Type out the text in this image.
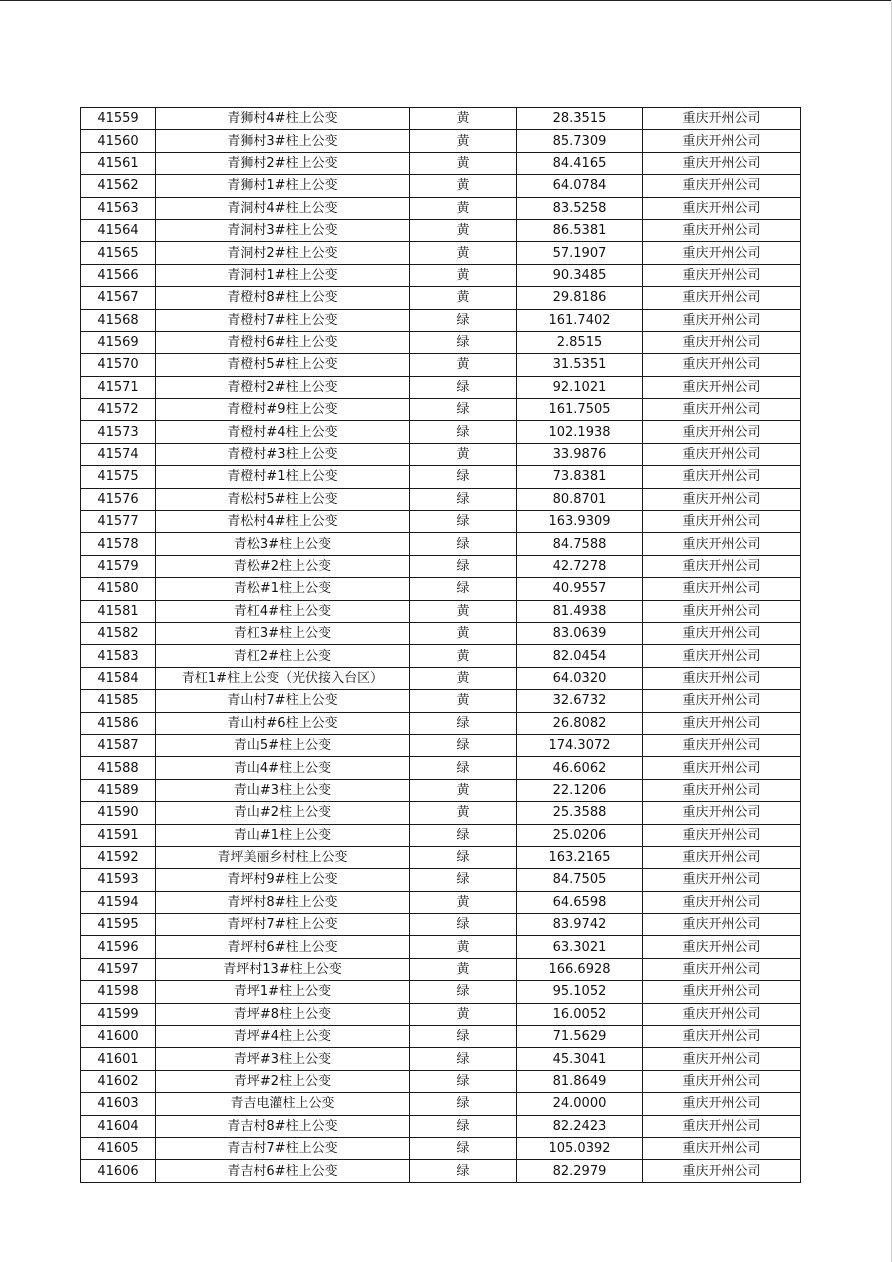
41559	青狮村4#柱上公变	黄	28.3515	重庆开州公司
41560	青狮村3#柱上公变	黄	85.7309	重庆开州公司
41561	青狮村2#柱上公变	黄	84.4165	重庆开州公司
41562	青狮村1#柱上公变	黄	64.0784	重庆开州公司
41563	青洞村4#柱上公变	黄	83.5258	重庆开州公司
41564	青洞村3#柱上公变	黄	86.5381	重庆开州公司
41565	青洞村2#柱上公变	黄	57.1907	重庆开州公司
41566	青洞村1#柱上公变	黄	90.3485	重庆开州公司
41567	青橙村8#柱上公变	黄	29.8186	重庆开州公司
41568	青橙村7#柱上公变	绿	161.7402	重庆开州公司
41569	青橙村6#柱上公变	绿	2.8515	重庆开州公司
41570	青橙村5#柱上公变	黄	31.5351	重庆开州公司
41571	青橙村2#柱上公变	绿	92.1021	重庆开州公司
41572	青橙村#9柱上公变	绿	161.7505	重庆开州公司
41573	青橙村#4柱上公变	绿	102.1938	重庆开州公司
41574	青橙村#3柱上公变	黄	33.9876	重庆开州公司
41575	青橙村#1柱上公变	绿	73.8381	重庆开州公司
41576	青松村5#柱上公变	绿	80.8701	重庆开州公司
41577	青松村4#柱上公变	绿	163.9309	重庆开州公司
41578	青松3#柱上公变	绿	84.7588	重庆开州公司
41579	青松#2柱上公变	绿	42.7278	重庆开州公司
41580	青松#1柱上公变	绿	40.9557	重庆开州公司
41581	青杠4#柱上公变	黄	81.4938	重庆开州公司
41582	青杠3#柱上公变	黄	83.0639	重庆开州公司
41583	青杠2#柱上公变	黄	82.0454	重庆开州公司
41584	青杠1#柱上公变（光伏接入台区）	黄	64.0320	重庆开州公司
41585	青山村7#柱上公变	黄	32.6732	重庆开州公司
41586	青山村#6柱上公变	绿	26.8082	重庆开州公司
41587	青山5#柱上公变	绿	174.3072	重庆开州公司
41588	青山4#柱上公变	绿	46.6062	重庆开州公司
41589	青山#3柱上公变	黄	22.1206	重庆开州公司
41590	青山#2柱上公变	黄	25.3588	重庆开州公司
41591	青山#1柱上公变	绿	25.0206	重庆开州公司
41592	青坪美丽乡村柱上公变	绿	163.2165	重庆开州公司
41593	青坪村9#柱上公变	绿	84.7505	重庆开州公司
41594	青坪村8#柱上公变	黄	64.6598	重庆开州公司
41595	青坪村7#柱上公变	绿	83.9742	重庆开州公司
41596	青坪村6#柱上公变	黄	63.3021	重庆开州公司
41597	青坪村13#柱上公变	黄	166.6928	重庆开州公司
41598	青坪1#柱上公变	绿	95.1052	重庆开州公司
41599	青坪#8柱上公变	黄	16.0052	重庆开州公司
41600	青坪#4柱上公变	绿	71.5629	重庆开州公司
41601	青坪#3柱上公变	绿	45.3041	重庆开州公司
41602	青坪#2柱上公变	绿	81.8649	重庆开州公司
41603	青吉电灌柱上公变	绿	24.0000	重庆开州公司
41604	青吉村8#柱上公变	绿	82.2423	重庆开州公司
41605	青吉村7#柱上公变	绿	105.0392	重庆开州公司
41606	青吉村6#柱上公变	绿	82.2979	重庆开州公司
